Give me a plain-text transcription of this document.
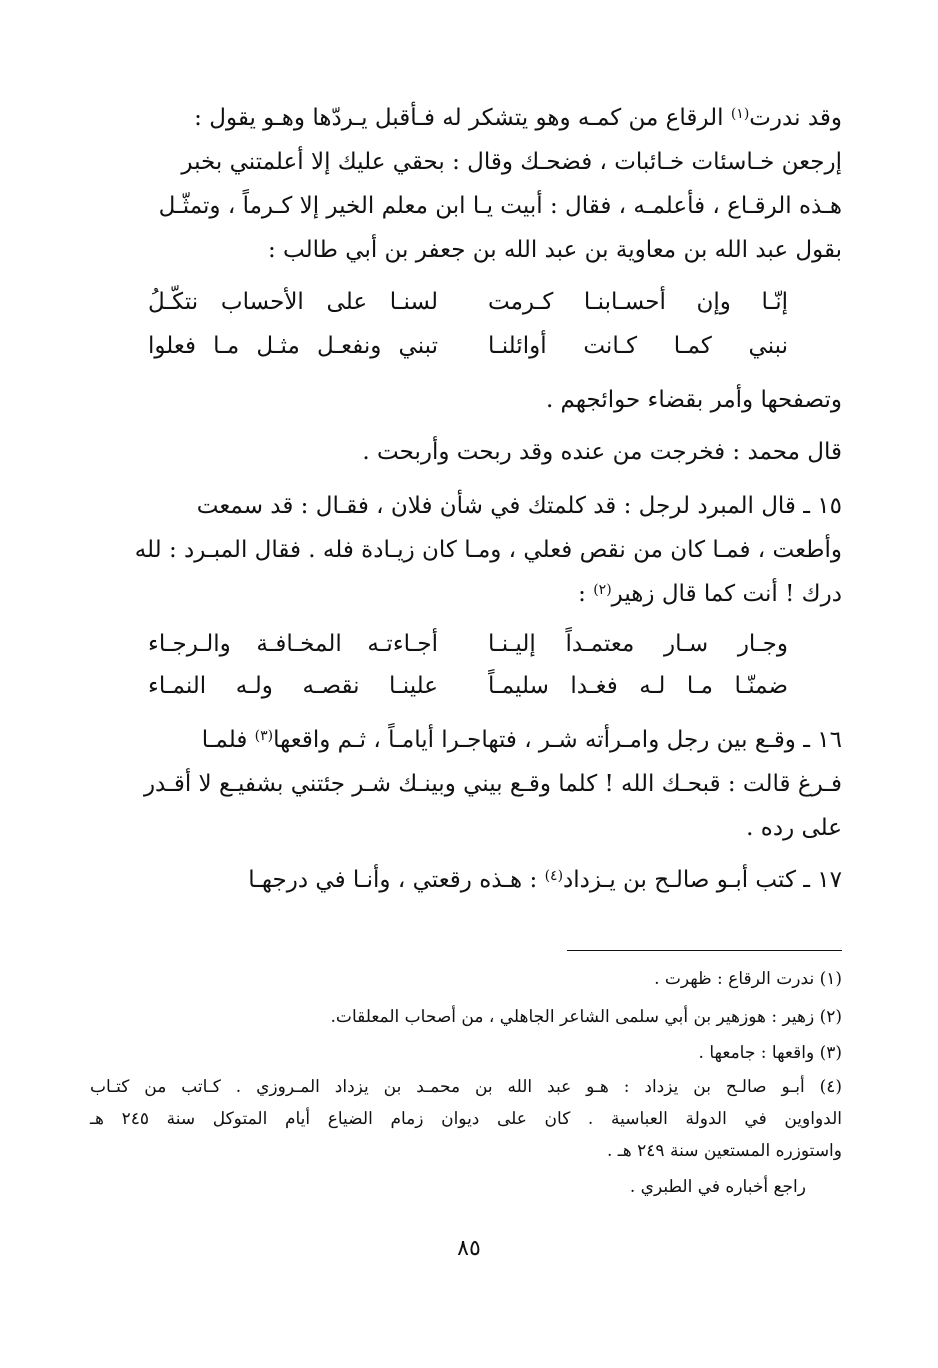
وقد ندرت$^{(١)}$ الرقاع من كمـه وهو يتشكر له فـأقبل يـردّها وهـو يقول :
إرجعن خـاسئات خـائبات ، فضحـك وقال : بحقي عليك إلا أعلمتني بخبر
هـذه الرقـاع ، فأعلمـه ، فقال : أبيت يـا ابن معلم الخير إلا كـرماً ، وتمثّـل
بقول عبد الله بن معاوية بن عبد الله بن جعفر بن أبي طالب :
إنّـا وإن أحسـابنـا كـرمت
لسنـا على الأحساب نتكّـلُ
نبني كمـا كـانت أوائلنـا
تبني ونفعـل مثـل مـا فعلوا
وتصفحها وأمر بقضاء حوائجهم .
قال محمد : فخرجت من عنده وقد ربحت وأربحت .
١٥ ـ قال المبرد لرجل : قد كلمتك في شأن فلان ، فقـال : قد سمعت
وأطعت ، فمـا كان من نقص فعلي ، ومـا كان زيـادة فله . فقال المبـرد : لله
درك ! أنت كما قال زهير$^{(٢)}$ :
وجـار سـار معتمـداً إليـنـا
أجـاءتـه المخـافـة والـرجـاء
ضمنّـا مـا لـه فغـدا سليمـاً
علينـا نقصـه ولـه النمـاء
١٦ ـ وقـع بين رجل وامـرأته شـر ، فتهاجـرا أيامـاً ، ثـم واقعها$^{(٣)}$ فلمـا
فـرغ قالت : قبحـك الله ! كلما وقـع بيني وبينـك شـر جئتني بشفيـع لا أقـدر
على رده .
١٧ ـ كتب أبـو صالـح بن يـزداد$^{(٤)}$ : هـذه رقعتي ، وأنـا في درجهـا
(١) ندرت الرقاع : ظهرت .
(٢) زهير : هوزهير بن أبي سلمى الشاعر الجاهلي ، من أصحاب المعلقات.
(٣) واقعها : جامعها .
(٤) أبـو صالـح بن يزداد : هـو عبد الله بن محمـد بن يزداد المـروزي . كـاتب من كتـاب
الدواوين في الدولة العباسية . كان على ديوان زمام الضياع أيام المتوكل سنة ٢٤٥ هـ
واستوزره المستعين سنة ٢٤٩ هـ .
راجع أخباره في الطبري .
٨٥
